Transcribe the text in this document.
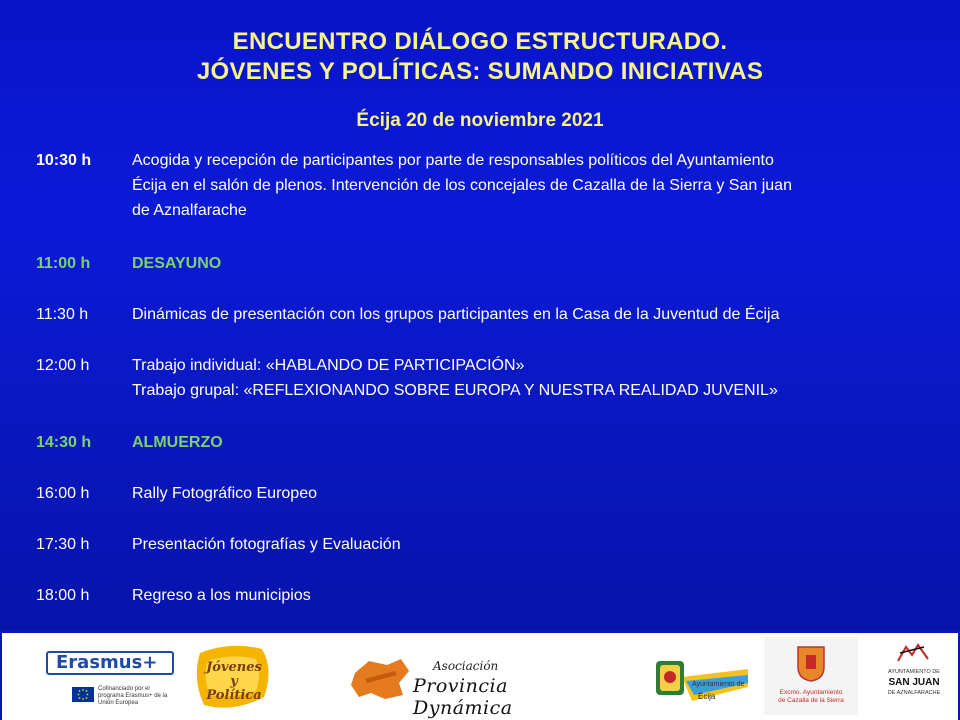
ENCUENTRO DIÁLOGO ESTRUCTURADO.
JÓVENES Y POLÍTICAS: SUMANDO INICIATIVAS
Écija 20 de noviembre 2021
10:30 h	Acogida y recepción de participantes por parte de responsables políticos del Ayuntamiento
Écija en el salón de plenos. Intervención de los concejales de Cazalla de la Sierra y San juan
de Aznalfarache
11:00 h	DESAYUNO
11:30 h	Dinámicas de presentación con los grupos participantes en la Casa de la Juventud de Écija
12:00 h	Trabajo individual: «HABLANDO DE PARTICIPACIÓN»
Trabajo grupal: «REFLEXIONANDO SOBRE EUROPA Y NUESTRA REALIDAD JUVENIL»
14:30 h	ALMUERZO
16:00 h	Rally Fotográfico Europeo
17:30 h	Presentación fotografías y Evaluación
18:00 h	Regreso a los municipios
Erasmus+
Cofinanciado por el programa Erasmus+ de la Unión Europea
Jóvenes y Política
Asociación
Provincia Dynámica
Ayuntamiento de
Écija	Excmo. Ayuntamiento
de Cazalla de la Sierra
AYUNTAMIENTO DE
SAN JUAN
DE AZNALFARACHE
